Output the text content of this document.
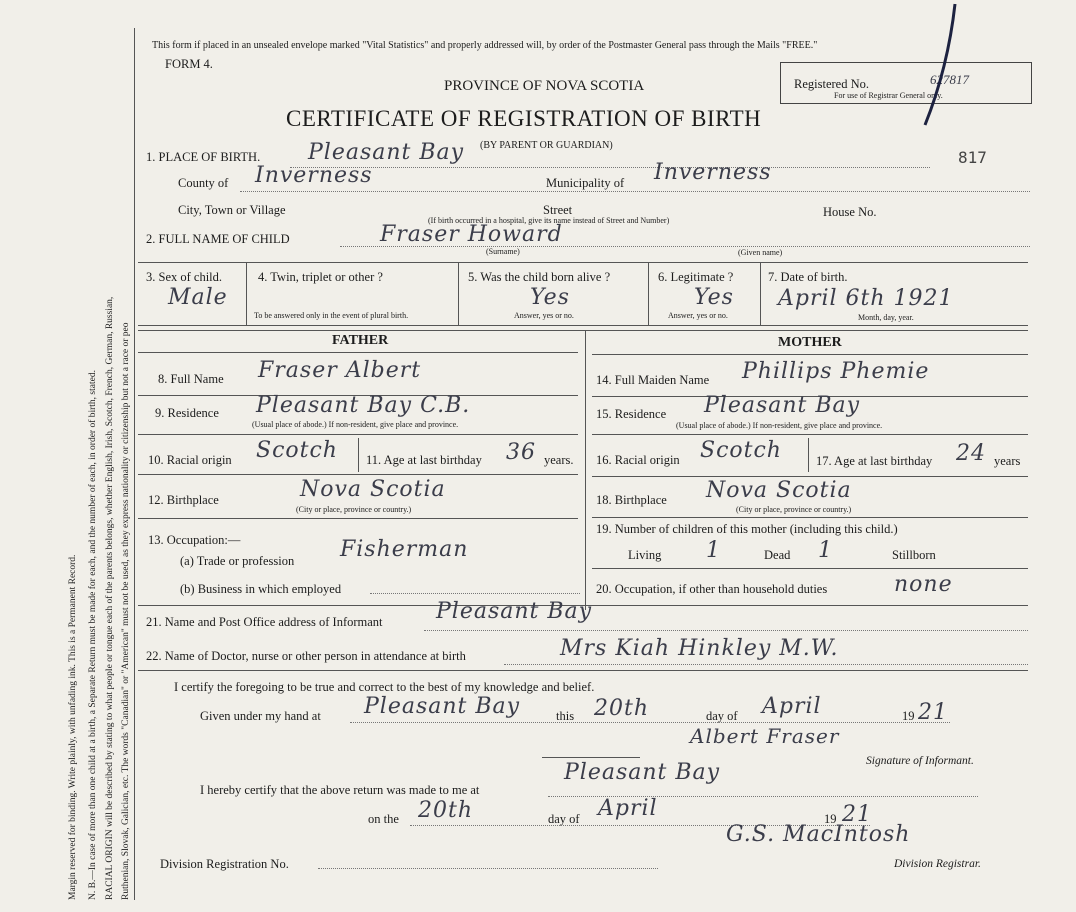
Margin reserved for binding. Write plainly, with unfading ink. This is a Permanent Record. N. B.—In case of more than one child at a birth, a Separate Return must be made for each, and the number of each, in order of birth, stated. RACIAL ORIGIN will be described by stating to what people or tongue each of the parents belongs, whether English, Irish, Scotch, French, German, Russian, Ruthenian, Slovak, Galician, etc. The words "Canadian" or "American" must not be used, as they express nationality or citizenship but not a race or peo
This form if placed in an unsealed envelope marked "Vital Statistics" and properly addressed will, by order of the Postmaster General pass through the Mails "FREE."
FORM 4.
PROVINCE OF NOVA SCOTIA
CERTIFICATE OF REGISTRATION OF BIRTH
Registered No.	627817
For use of Registrar General only.
817
1. PLACE OF BIRTH. Pleasant Bay (BY PARENT OR GUARDIAN)
County of Inverness	Municipality of Inverness
City, Town or Village	Street	House No.
(If birth occurred in a hospital, give its name instead of Street and Number)
2. FULL NAME OF CHILD	Fraser Howard
(Surname)	(Given name)
3. Sex of child.
Male
4. Twin, triplet or other ?
To be answered only in the event of plural birth.
5. Was the child born alive ?
Yes
Answer, yes or no.
6. Legitimate ?
Yes
Answer, yes or no.
7. Date of birth.
April 6th 1921
Month, day, year.
FATHER	MOTHER
8. Full Name Fraser Albert
9. Residence Pleasant Bay C.B.
(Usual place of abode.) If non-resident, give place and province.
10. Racial origin Scotch 11. Age at last birthday 36 years.
12. Birthplace	Nova Scotia
(City or place, province or country.)
13. Occupation:—
(a) Trade or profession Fisherman
(b) Business in which employed
14. Full Maiden Name Phillips Phemie
15. Residence Pleasant Bay
(Usual place of abode.) If non-resident, give place and province.
16. Racial origin Scotch	17. Age at last birthday 24 years
18. Birthplace Nova Scotia
(City or place, province or country.)
19. Number of children of this mother (including this child.)
Living 1	Dead 1	Stillborn
20. Occupation, if other than household duties	none
21. Name and Post Office address of Informant Pleasant Bay
22. Name of Doctor, nurse or other person in attendance at birth	Mrs Kiah Hinkley M.W.
I certify the foregoing to be true and correct to the best of my knowledge and belief.
Given under my hand at Pleasant Bay	this 20th	day of April	19 21
Albert Fraser
Signature of Informant.
I hereby certify that the above return was made to me at
Pleasant Bay
on the 20th	day of April	19 21
Division Registration No.
G.S. MacIntosh
Division Registrar.
